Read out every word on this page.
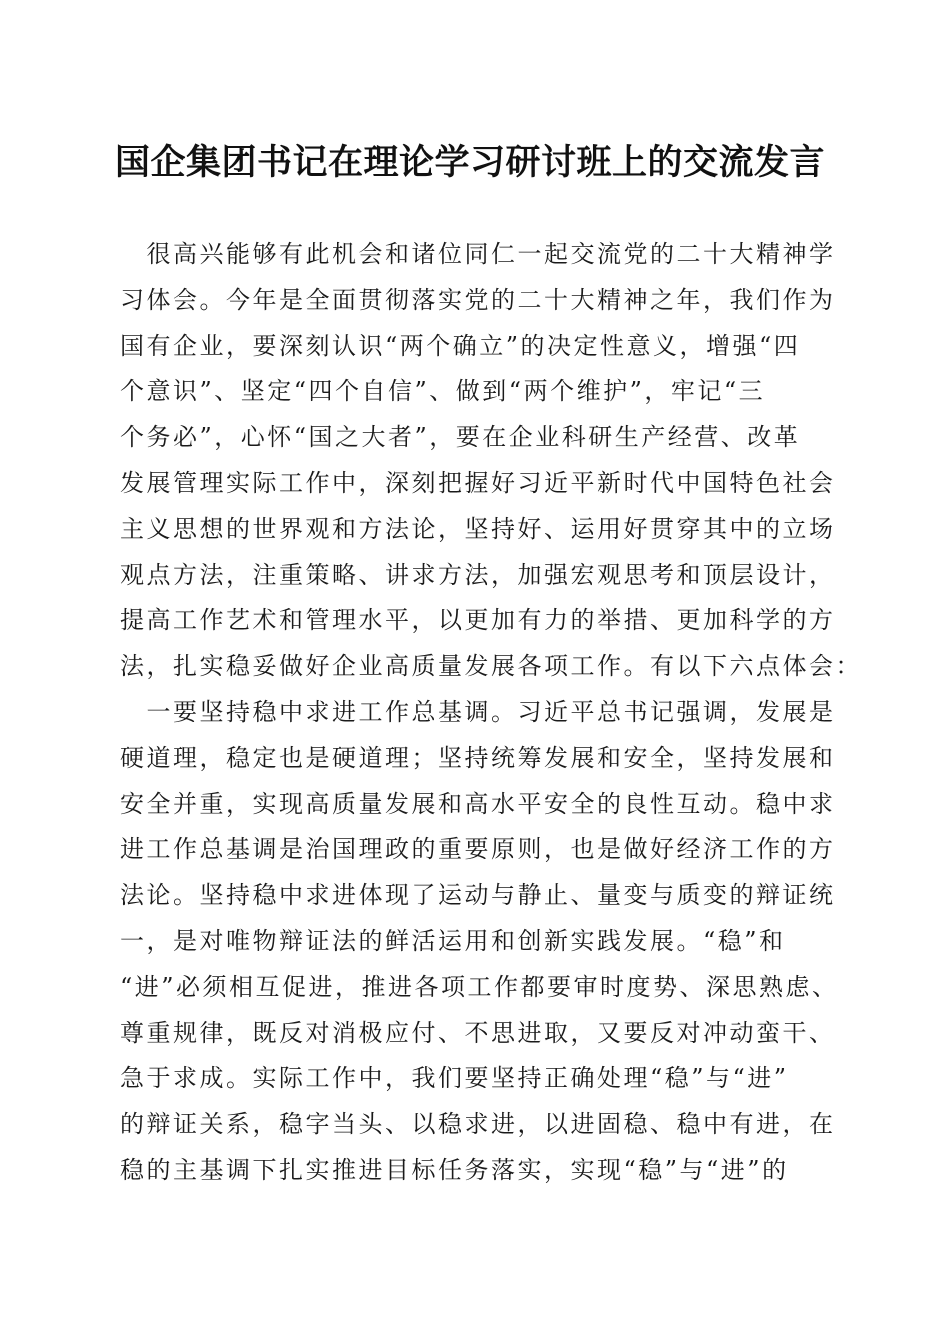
国企集团书记在理论学习研讨班上的交流发言
　很高兴能够有此机会和诸位同仁一起交流党的二十大精神学
习体会。今年是全面贯彻落实党的二十大精神之年，我们作为
国有企业，要深刻认识“两个确立”的决定性意义，增强“四
个意识”、坚定“四个自信”、做到“两个维护”，牢记“三
个务必”，心怀“国之大者”，要在企业科研生产经营、改革
发展管理实际工作中，深刻把握好习近平新时代中国特色社会
主义思想的世界观和方法论，坚持好、运用好贯穿其中的立场
观点方法，注重策略、讲求方法，加强宏观思考和顶层设计，
提高工作艺术和管理水平，以更加有力的举措、更加科学的方
法，扎实稳妥做好企业高质量发展各项工作。有以下六点体会：
　一要坚持稳中求进工作总基调。习近平总书记强调，发展是
硬道理，稳定也是硬道理；坚持统筹发展和安全，坚持发展和
安全并重，实现高质量发展和高水平安全的良性互动。稳中求
进工作总基调是治国理政的重要原则，也是做好经济工作的方
法论。坚持稳中求进体现了运动与静止、量变与质变的辩证统
一，是对唯物辩证法的鲜活运用和创新实践发展。“稳”和
“进”必须相互促进，推进各项工作都要审时度势、深思熟虑、
尊重规律，既反对消极应付、不思进取，又要反对冲动蛮干、
急于求成。实际工作中，我们要坚持正确处理“稳”与“进”
的辩证关系，稳字当头、以稳求进，以进固稳、稳中有进，在
稳的主基调下扎实推进目标任务落实，实现“稳”与“进”的
